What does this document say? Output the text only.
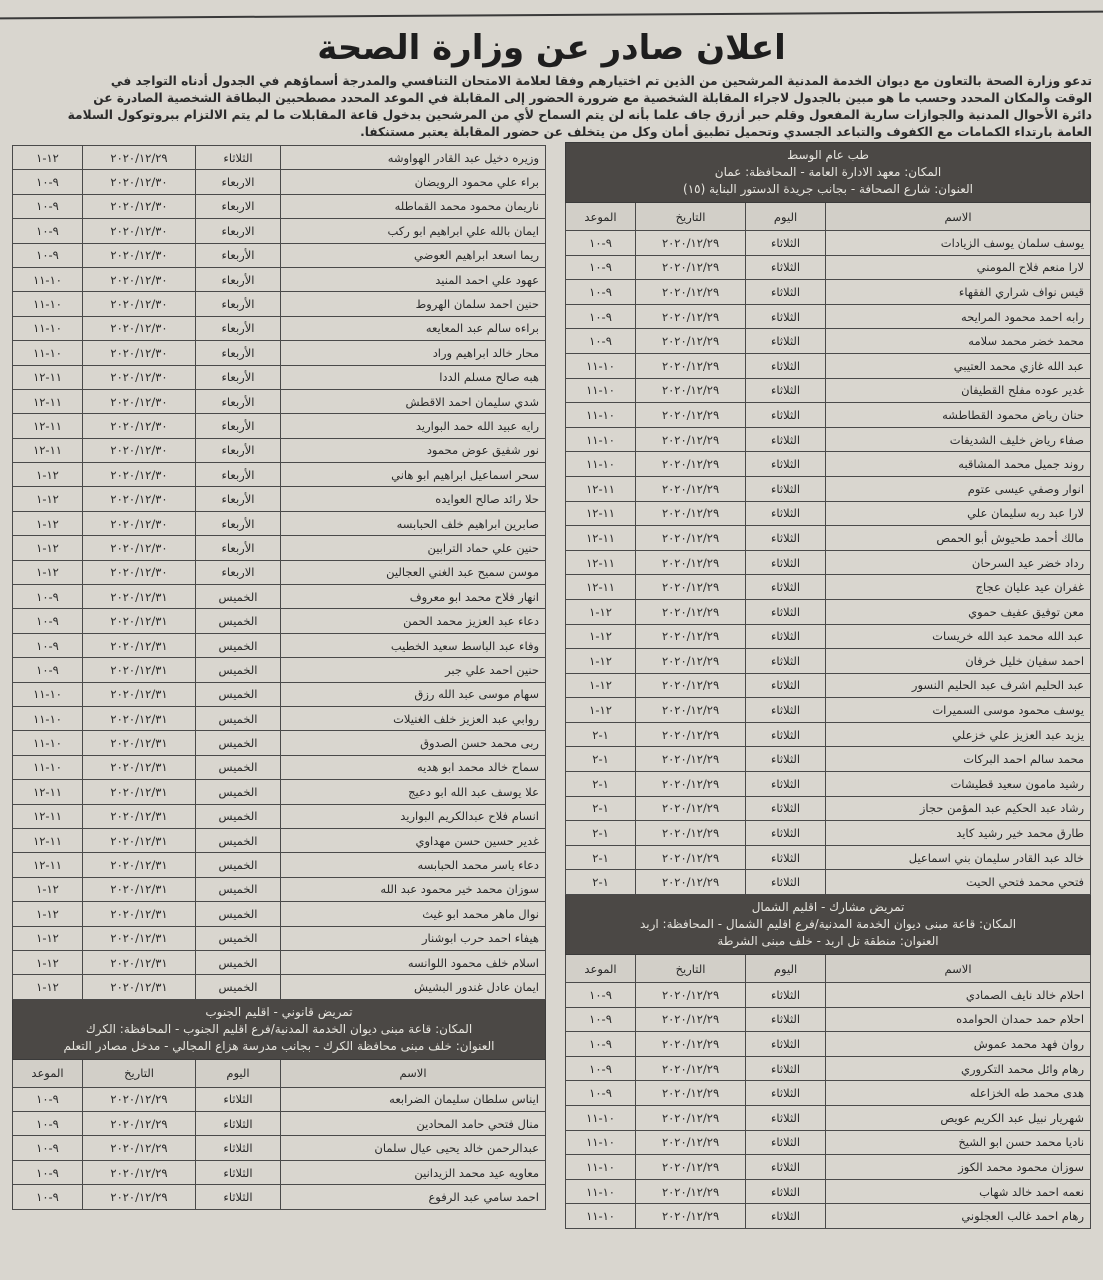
اعلان صادر عن وزارة الصحة
تدعو وزارة الصحة بالتعاون مع ديوان الخدمة المدنية المرشحين من الذين تم اختيارهم وفقا لعلامة الامتحان التنافسي والمدرجة أسماؤهم في الجدول أدناه التواجد في
الوقت والمكان المحدد وحسب ما هو مبين بالجدول لاجراء المقابلة الشخصية مع ضرورة الحضور إلى المقابلة في الموعد المحدد مصطحبين البطاقة الشخصية الصادرة عن
دائرة الأحوال المدنية والجوازات سارية المفعول وقلم حبر أزرق جاف علما بأنه لن يتم السماح لأي من المرشحين بدخول قاعة المقابلات ما لم يتم الالتزام ببروتوكول السلامة
العامة بارتداء الكمامات مع الكفوف والتباعد الجسدي وتحميل تطبيق أمان وكل من يتخلف عن حضور المقابلة يعتبر مستنكفا.
طب عام الوسط
المكان: معهد الادارة العامة - المحافظة: عمان
العنوان: شارع الصحافة - بجانب جريدة الدستور البناية (١٥)			

الاسم	اليوم	التاريخ	الموعد
يوسف سلمان يوسف الزيادات	الثلاثاء	٢٠٢٠/١٢/٢٩	٩-١٠
لارا منعم فلاح المومني	الثلاثاء	٢٠٢٠/١٢/٢٩	٩-١٠
قيس نواف شراري الفقهاء	الثلاثاء	٢٠٢٠/١٢/٢٩	٩-١٠
رابه احمد محمود المرايحه	الثلاثاء	٢٠٢٠/١٢/٢٩	٩-١٠
محمد خضر محمد سلامه	الثلاثاء	٢٠٢٠/١٢/٢٩	٩-١٠
عبد الله غازي محمد العتيبي	الثلاثاء	٢٠٢٠/١٢/٢٩	١٠-١١
غدير عوده مفلح القطيفان	الثلاثاء	٢٠٢٠/١٢/٢٩	١٠-١١
حنان رياض محمود القطاطشه	الثلاثاء	٢٠٢٠/١٢/٢٩	١٠-١١
صفاء رياض خليف الشديفات	الثلاثاء	٢٠٢٠/١٢/٢٩	١٠-١١
روند جميل محمد المشاقبه	الثلاثاء	٢٠٢٠/١٢/٢٩	١٠-١١
انوار وصفي عيسى عتوم	الثلاثاء	٢٠٢٠/١٢/٢٩	١١-١٢
لارا عبد ربه سليمان علي	الثلاثاء	٢٠٢٠/١٢/٢٩	١١-١٢
مالك أحمد طحيوش أبو الحمص	الثلاثاء	٢٠٢٠/١٢/٢٩	١١-١٢
رداد خضر عيد السرحان	الثلاثاء	٢٠٢٠/١٢/٢٩	١١-١٢
غفران عيد عليان عجاج	الثلاثاء	٢٠٢٠/١٢/٢٩	١١-١٢
معن توفيق عفيف حموي	الثلاثاء	٢٠٢٠/١٢/٢٩	١٢-١
عبد الله محمد عبد الله خريسات	الثلاثاء	٢٠٢٠/١٢/٢٩	١٢-١
احمد سفيان خليل خرفان	الثلاثاء	٢٠٢٠/١٢/٢٩	١٢-١
عبد الحليم اشرف عبد الحليم النسور	الثلاثاء	٢٠٢٠/١٢/٢٩	١٢-١
يوسف محمود موسى السميرات	الثلاثاء	٢٠٢٠/١٢/٢٩	١٢-١
يزيد عبد العزيز علي خزعلي	الثلاثاء	٢٠٢٠/١٢/٢٩	١-٢
محمد سالم احمد البركات	الثلاثاء	٢٠٢٠/١٢/٢٩	١-٢
رشيد مامون سعيد قطيشات	الثلاثاء	٢٠٢٠/١٢/٢٩	١-٢
رشاد عبد الحكيم عبد المؤمن حجاز	الثلاثاء	٢٠٢٠/١٢/٢٩	١-٢
طارق محمد خير رشيد كايد	الثلاثاء	٢٠٢٠/١٢/٢٩	١-٢
خالد عبد القادر سليمان بني اسماعيل	الثلاثاء	٢٠٢٠/١٢/٢٩	١-٢
فتحي محمد فتحي الحيت	الثلاثاء	٢٠٢٠/١٢/٢٩	١-٢

تمريض مشارك - اقليم الشمال
المكان: قاعة مبنى ديوان الخدمة المدنية/فرع اقليم الشمال - المحافظة: اربد
العنوان: منطقة تل اربد - خلف مبنى الشرطة			

الاسم	اليوم	التاريخ	الموعد
احلام خالد نايف الصمادي	الثلاثاء	٢٠٢٠/١٢/٢٩	٩-١٠
احلام حمد حمدان الحوامده	الثلاثاء	٢٠٢٠/١٢/٢٩	٩-١٠
روان فهد محمد عموش	الثلاثاء	٢٠٢٠/١٢/٢٩	٩-١٠
رهام وائل محمد التكروري	الثلاثاء	٢٠٢٠/١٢/٢٩	٩-١٠
هدى محمد طه الخزاعله	الثلاثاء	٢٠٢٠/١٢/٢٩	٩-١٠
شهريار نبيل عبد الكريم عويص	الثلاثاء	٢٠٢٠/١٢/٢٩	١٠-١١
ناديا محمد حسن ابو الشيخ	الثلاثاء	٢٠٢٠/١٢/٢٩	١٠-١١
سوزان محمود محمد الكوز	الثلاثاء	٢٠٢٠/١٢/٢٩	١٠-١١
نعمه احمد خالد شهاب	الثلاثاء	٢٠٢٠/١٢/٢٩	١٠-١١
رهام احمد غالب العجلوني	الثلاثاء	٢٠٢٠/١٢/٢٩	١٠-١١
وزيره دخيل عبد القادر الهواوشه	الثلاثاء	٢٠٢٠/١٢/٢٩	١٢-١
براء علي محمود الرويضان	الاربعاء	٢٠٢٠/١٢/٣٠	٩-١٠
ناريمان محمود محمد القماطله	الاربعاء	٢٠٢٠/١٢/٣٠	٩-١٠
ايمان بالله علي ابراهيم ابو ركب	الاربعاء	٢٠٢٠/١٢/٣٠	٩-١٠
ريما اسعد ابراهيم العوضي	الأربعاء	٢٠٢٠/١٢/٣٠	٩-١٠
عهود علي احمد المنيد	الأربعاء	٢٠٢٠/١٢/٣٠	١٠-١١
حنين احمد سلمان الهروط	الأربعاء	٢٠٢٠/١٢/٣٠	١٠-١١
براءه سالم عبد المعايعه	الأربعاء	٢٠٢٠/١٢/٣٠	١٠-١١
محار خالد ابراهيم وراد	الأربعاء	٢٠٢٠/١٢/٣٠	١٠-١١
هبه صالح مسلم الددا	الأربعاء	٢٠٢٠/١٢/٣٠	١١-١٢
شدي سليمان احمد الاقطش	الأربعاء	٢٠٢٠/١٢/٣٠	١١-١٢
رايه عبيد الله حمد البواريد	الأربعاء	٢٠٢٠/١٢/٣٠	١١-١٢
نور شفيق عوض محمود	الأربعاء	٢٠٢٠/١٢/٣٠	١١-١٢
سحر اسماعيل ابراهيم ابو هاني	الأربعاء	٢٠٢٠/١٢/٣٠	١٢-١
حلا رائد صالح العوايده	الأربعاء	٢٠٢٠/١٢/٣٠	١٢-١
صابرين ابراهيم خلف الحبابسه	الأربعاء	٢٠٢٠/١٢/٣٠	١٢-١
حنين علي حماد الترابين	الأربعاء	٢٠٢٠/١٢/٣٠	١٢-١
موسن سميح عبد الغني العجالين	الاربعاء	٢٠٢٠/١٢/٣٠	١٢-١
انهار فلاح محمد ابو معروف	الخميس	٢٠٢٠/١٢/٣١	٩-١٠
دعاء عبد العزيز محمد الحمن	الخميس	٢٠٢٠/١٢/٣١	٩-١٠
وفاء عبد الباسط سعيد الخطيب	الخميس	٢٠٢٠/١٢/٣١	٩-١٠
حنين احمد علي جبر	الخميس	٢٠٢٠/١٢/٣١	٩-١٠
سهام موسى عبد الله رزق	الخميس	٢٠٢٠/١٢/٣١	١٠-١١
روابي عبد العزيز خلف الغنيلات	الخميس	٢٠٢٠/١٢/٣١	١٠-١١
ربى محمد حسن الصدوق	الخميس	٢٠٢٠/١٢/٣١	١٠-١١
سماح خالد محمد ابو هديه	الخميس	٢٠٢٠/١٢/٣١	١٠-١١
علا يوسف عبد الله ابو دعيج	الخميس	٢٠٢٠/١٢/٣١	١١-١٢
انسام فلاح عبدالكريم البواريد	الخميس	٢٠٢٠/١٢/٣١	١١-١٢
غدير حسين حسن مهداوي	الخميس	٢٠٢٠/١٢/٣١	١١-١٢
دعاء ياسر محمد الحبابسه	الخميس	٢٠٢٠/١٢/٣١	١١-١٢
سوزان محمد خير محمود عبد الله	الخميس	٢٠٢٠/١٢/٣١	١٢-١
نوال ماهر محمد ابو غيث	الخميس	٢٠٢٠/١٢/٣١	١٢-١
هيفاء احمد حرب ابوشنار	الخميس	٢٠٢٠/١٢/٣١	١٢-١
اسلام خلف محمود اللوانسه	الخميس	٢٠٢٠/١٢/٣١	١٢-١
ايمان عادل غندور البشيش	الخميس	٢٠٢٠/١٢/٣١	١٢-١

تمريض قانوني - اقليم الجنوب
المكان: قاعة مبنى ديوان الخدمة المدنية/فرع اقليم الجنوب - المحافظة: الكرك
العنوان: خلف مبنى محافظة الكرك - بجانب مدرسة هزاع المجالي - مدخل مصادر التعلم			

الاسم	اليوم	التاريخ	الموعد
ايناس سلطان سليمان الضرابعه	الثلاثاء	٢٠٢٠/١٢/٢٩	٩-١٠
منال فتحي حامد المحادين	الثلاثاء	٢٠٢٠/١٢/٢٩	٩-١٠
عبدالرحمن خالد يحيى عيال سلمان	الثلاثاء	٢٠٢٠/١٢/٢٩	٩-١٠
معاويه عيد محمد الزيدانين	الثلاثاء	٢٠٢٠/١٢/٢٩	٩-١٠
احمد سامي عبد الرفوع	الثلاثاء	٢٠٢٠/١٢/٢٩	٩-١٠
